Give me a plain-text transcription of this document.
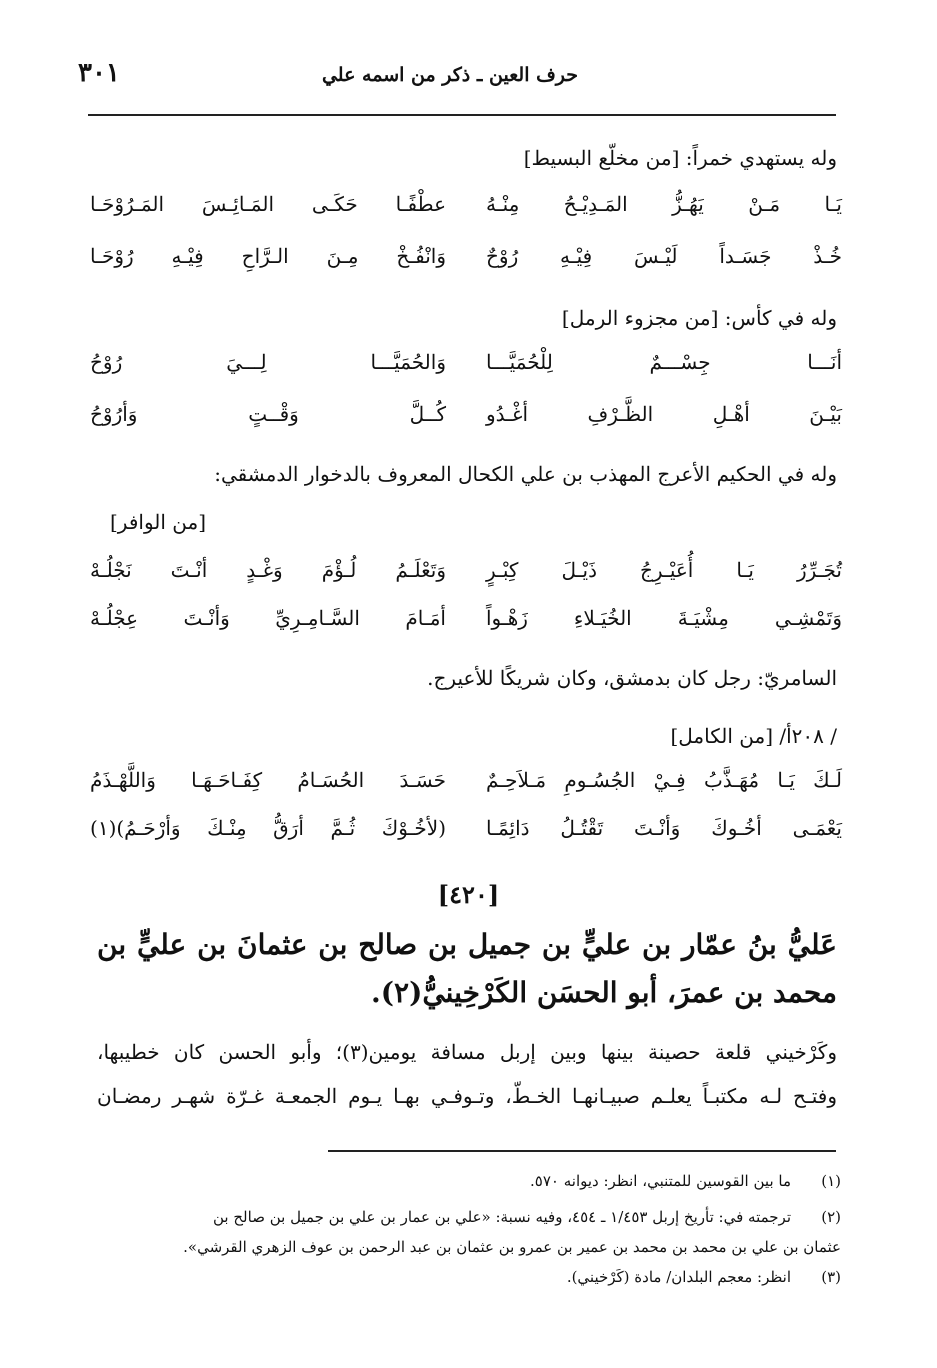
٣٠١	حرف العين ـ ذكر من اسمه علي
وله يستهدي خمراً: [من مخلّع البسيط]
يَـا مَـنْ يَهُـزُّ المَـدِيْـحُ مِنْـهُ
عطْفًـا حَكَـى المَـائِـسَ المَـرُوْحَـا
خُـذْ جَسَـداً لَيْـسَ فِيْـهِ رُوْحٌ
وَانْفُـخْ مِـنَ الـرَّاحِ فِيْـهِ رُوْحَـا
وله في كأس: [من مجزوء الرمل]
أنَـــا جِسْـــمٌ لِلْحُمَيَّـــا
وَالحُمَيَّـــا لِـــيَ رُوْحُ
بَيْـنَ أهْـلِ الظَّـرْفِ أغْـدُو
كُــلَّ وَقْــتٍ وَأرُوْحُ
وله في الحكيم الأعرج المهذب بن علي الكحال المعروف بالدخوار الدمشقي:
[من الوافر]
تُجَـرِّرُ يَـا أُعَيْـرِجُ ذَيْـلَ كِبْـرٍ
وَتَعْلَـمُ لُـؤْمَ وَغْـدٍ أنْـتَ نَجْلُـهْ
وَتَمْشِـي مِشْيَـةَ الخُيَـلاءِ زَهْـواً
أمَـامَ السَّـامِـرِيِّ وَأنْـتَ عِجْلُـهْ
السامريّ: رجل كان بدمشق، وكان شريكًا للأعيرج.
/ ٢٠٨أ/ [من الكامل]
لَـكَ يَـا مُهَـذَّبُ فِـيْ الجُسُـومِ مَـلاَحِـمٌ
حَسَـدَ الحُسَـامُ كِفَـاحَـهَـا وَاللَّهْـذَمُ
يَعْمَـى أخُـوكَ وَأنْـتَ تَقْتُـلُ دَائِمًـا
(لأخُـوْكَ ثُـمَّ أرَقُّ مِنْـكَ وَأرْحَـمُ)(١)
[٤٢٠]
عَليُّ بنُ عمّار بن عليٍّ بن جميل بن صالح بن عثمانَ بن عليٍّ بن
محمد بن عمرَ، أبو الحسَن الكَرْخِينيُّ(٢).
وكَرْخيني قلعة حصينة بينها وبين إربل مسافة يومين(٣)؛ وأبو الحسن كان خطيبها،
وفتـح لـه مكتبـاً يعلـم صبيـانهـا الخـطّ، وتـوفـي بهـا يـوم الجمعـة غـرّة شهـر رمضـان
(١)ما بين القوسين للمتنبي، انظر: ديوانه ٥٧٠.
(٢)ترجمته في: تأريخ إربل ١/٤٥٣ ـ ٤٥٤، وفيه نسبة: «علي بن عمار بن علي بن جميل بن صالح بن
عثمان بن علي بن محمد بن محمد بن عمير بن عمرو بن عثمان بن عبد الرحمن بن عوف الزهري القرشي».
(٣)انظر: معجم البلدان/ مادة (كَرْخيني).
